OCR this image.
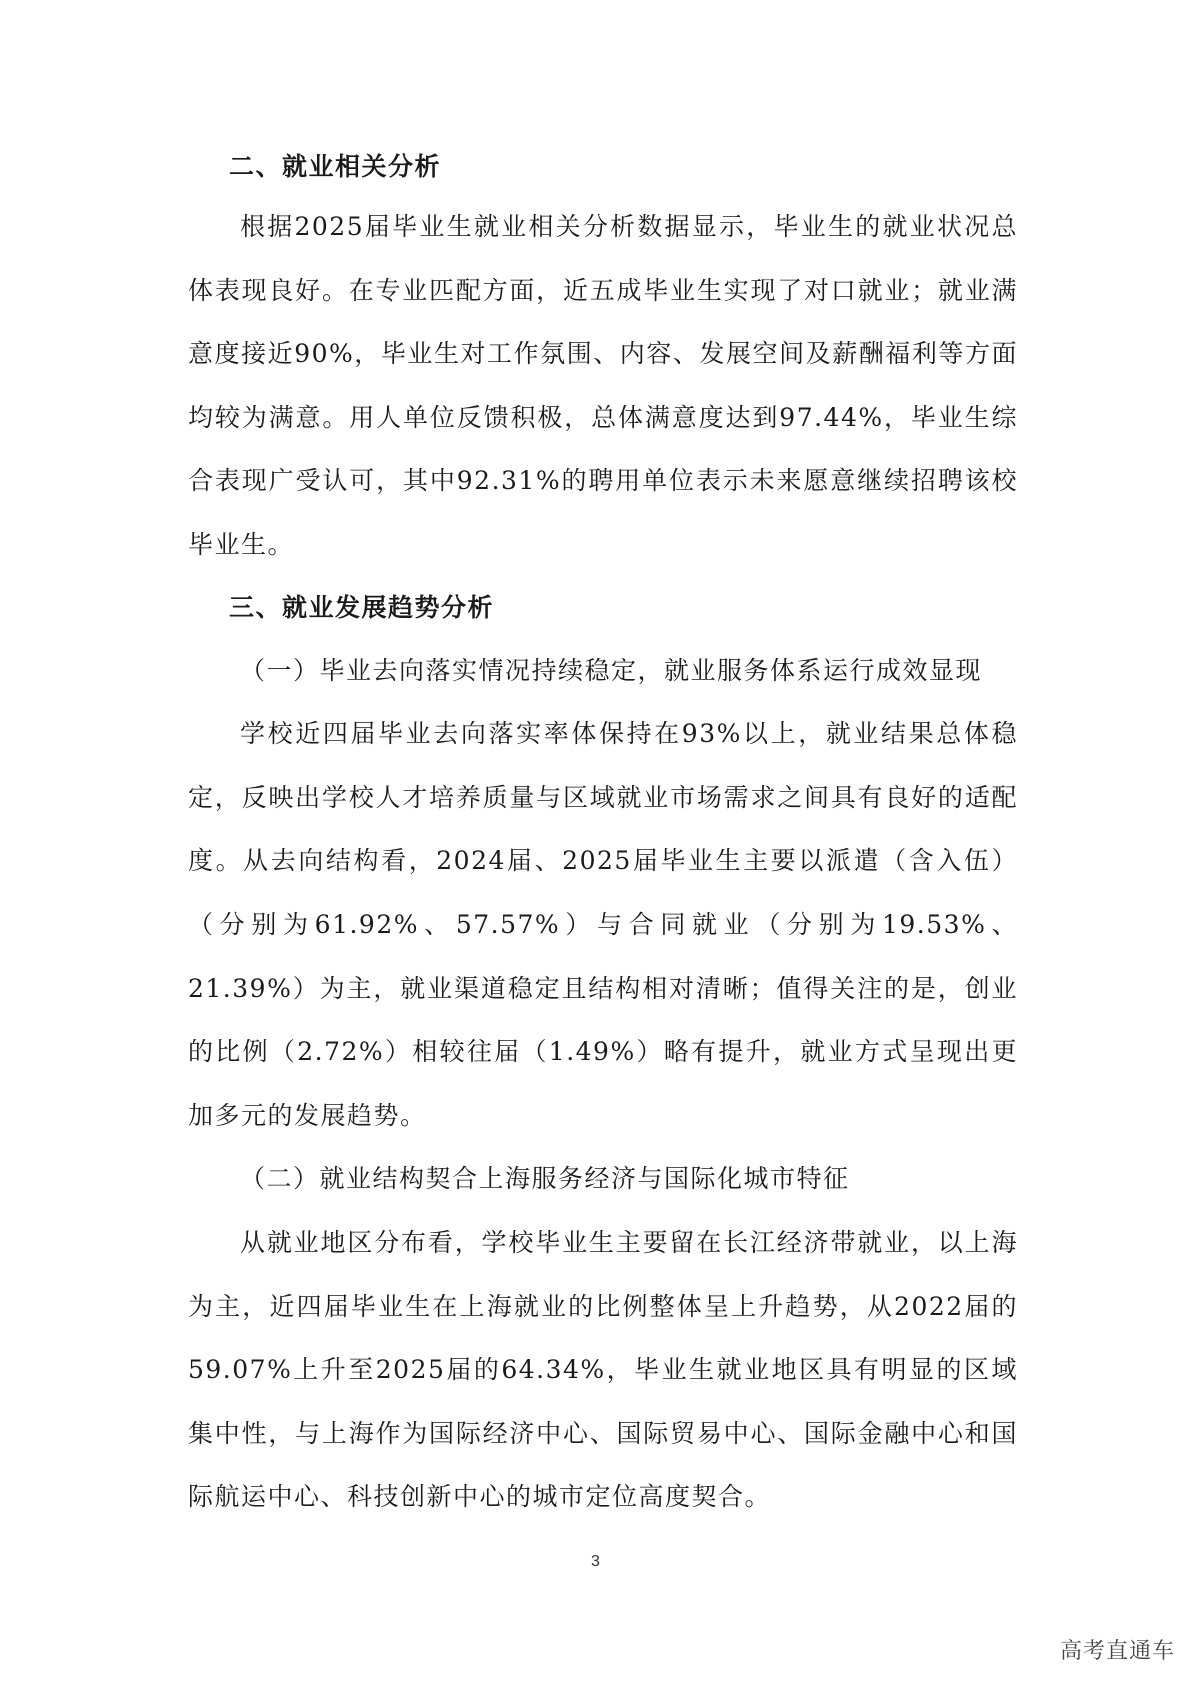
二、就业相关分析

根据2025届毕业生就业相关分析数据显示，毕业生的就业状况总体表现良好。在专业匹配方面，近五成毕业生实现了对口就业；就业满意度接近90%，毕业生对工作氛围、内容、发展空间及薪酬福利等方面均较为满意。用人单位反馈积极，总体满意度达到97.44%，毕业生综合表现广受认可，其中92.31%的聘用单位表示未来愿意继续招聘该校毕业生。

三、就业发展趋势分析

（一）毕业去向落实情况持续稳定，就业服务体系运行成效显现

学校近四届毕业去向落实率体保持在93%以上，就业结果总体稳定，反映出学校人才培养质量与区域就业市场需求之间具有良好的适配度。从去向结构看，2024届、2025届毕业生主要以派遣（含入伍）（分别为61.92%、57.57%）与合同就业（分别为19.53%、21.39%）为主，就业渠道稳定且结构相对清晰；值得关注的是，创业的比例（2.72%）相较往届（1.49%）略有提升，就业方式呈现出更加多元的发展趋势。

（二）就业结构契合上海服务经济与国际化城市特征

从就业地区分布看，学校毕业生主要留在长江经济带就业，以上海为主，近四届毕业生在上海就业的比例整体呈上升趋势，从2022届的59.07%上升至2025届的64.34%，毕业生就业地区具有明显的区域集中性，与上海作为国际经济中心、国际贸易中心、国际金融中心和国际航运中心、科技创新中心的城市定位高度契合。

3
高考直通车
